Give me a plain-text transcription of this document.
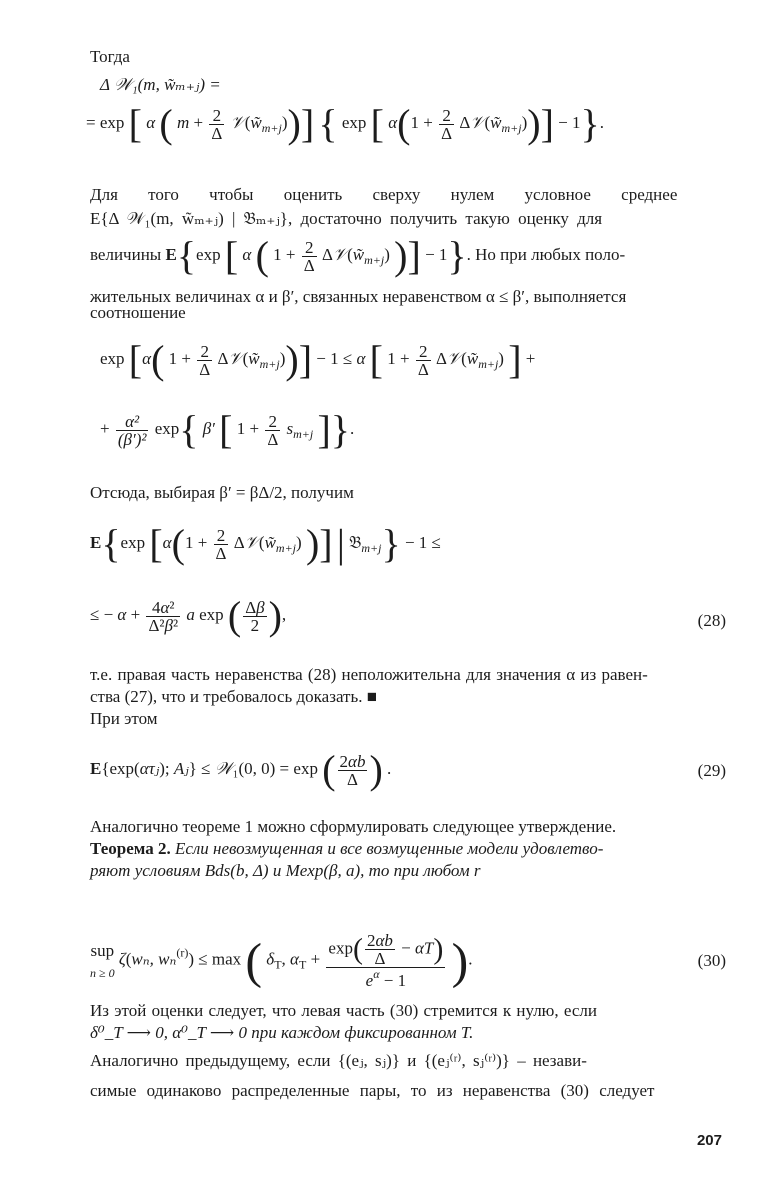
Тогда
Δ 𝒲₁(m, w̃ₘ₊ⱼ) =
= exp [ α ( $m + \frac{2}{\Delta}$ $𝒱(w̃_{m+j})$)] { exp [ $\alpha(1 + \frac{2}{\Delta}$ $\Delta 𝒱(w̃_{m+j}))] - 1$}.
Для того чтобы оценить сверху нулем условное среднее
E{Δ 𝒲₁(m, w̃ₘ₊ⱼ) | 𝔅ₘ₊ⱼ}, достаточно получить такую оценку для
величины E{exp [ α ( $1 + \frac{2}{\Delta}$ $\Delta 𝒱(w̃_{m+j})$ )] − 1}. Но при любых поло-
жительных величинах α и β′, связанных неравенством α ≤ β′, выполняется
соотношение
exp [α( $1 + \frac{2}{\Delta}$ $\Delta 𝒱(w̃_{m+j}))] - 1 \le \alpha$ [ $1 + \frac{2}{\Delta}$ $\Delta 𝒱(w̃_{m+j})$ ] +
+ $\frac{\text{α²}}{\text{(β′)²}} \exp${ β′ [ $1 + \frac{2}{\Delta} s_{m+j}$ ]}.
Отсюда, выбирая β′ = βΔ/2, получим
E{exp [$\alpha(1 + \frac{2}{\Delta}$ $\Delta 𝒱(w̃_{m+j})$ )] | 𝔅$_{m+j}$} − 1 ≤
≤ − $\alpha + \frac{\text{4α²}}{\text{Δ²β²}}$ a exp ( $\frac{\Delta\beta}{2}$ ),	(28)
т.е. правая часть неравенства (28) неположительна для значения α из равен-
ства (27), что и требовалось доказать. ■
При этом
E{exp(ατⱼ); Aⱼ} ≤ 𝒲₁(0, 0) = exp ( $\frac{2\alpha b}{\Delta}$ ) .	(29)
Аналогично теореме 1 можно сформулировать следующее утверждение.
Теорема 2. Если невозмущенная и все возмущенные модели удовлетво-
ряют условиям Bds(b, Δ) и Mexp(β, a), то при любом r
sup
$_{n \ge 0}$ ζ(wₙ, wₙ$^{(r)}$) ≤ max ( $\delta_T$, $\alpha_T$ +
$\exp( \frac{2\alpha b}{\Delta} - \alpha T)$
$e^\alpha - 1$ ).	(30)
Из этой оценки следует, что левая часть (30) стремится к нулю, если
δ⁰_T ⟶ 0, α⁰_T ⟶ 0 при каждом фиксированном T.
Аналогично предыдущему, если {(eⱼ, sⱼ)} и {(eⱼ⁽ʳ⁾, sⱼ⁽ʳ⁾)} – незави-
симые одинаково распределенные пары, то из неравенства (30) следует
207
